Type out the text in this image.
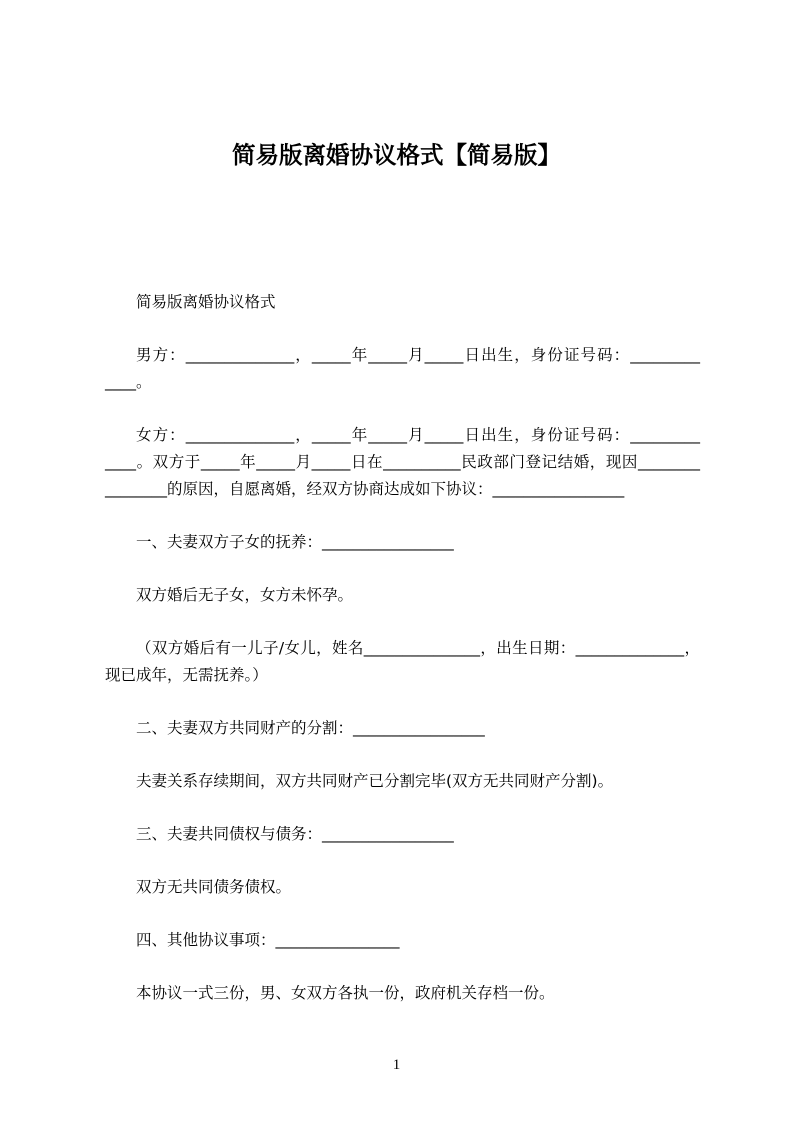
简易版离婚协议格式【简易版】

简易版离婚协议格式

男方：______________，_____年_____月_____日出生，身份证号码：_________
____。

女方：______________，_____年_____月_____日出生，身份证号码：_________
____。双方于_____年_____月_____日在__________民政部门登记结婚，现因________
________的原因，自愿离婚，经双方协商达成如下协议：_________________

一、夫妻双方子女的抚养：_________________

双方婚后无子女，女方未怀孕。

（双方婚后有一儿子/女儿，姓名_______________，出生日期：______________，
现已成年，无需抚养。）

二、夫妻双方共同财产的分割：_________________

夫妻关系存续期间，双方共同财产已分割完毕(双方无共同财产分割)。

三、夫妻共同债权与债务：_________________

双方无共同债务债权。

四、其他协议事项：________________

本协议一式三份，男、女双方各执一份，政府机关存档一份。

1
